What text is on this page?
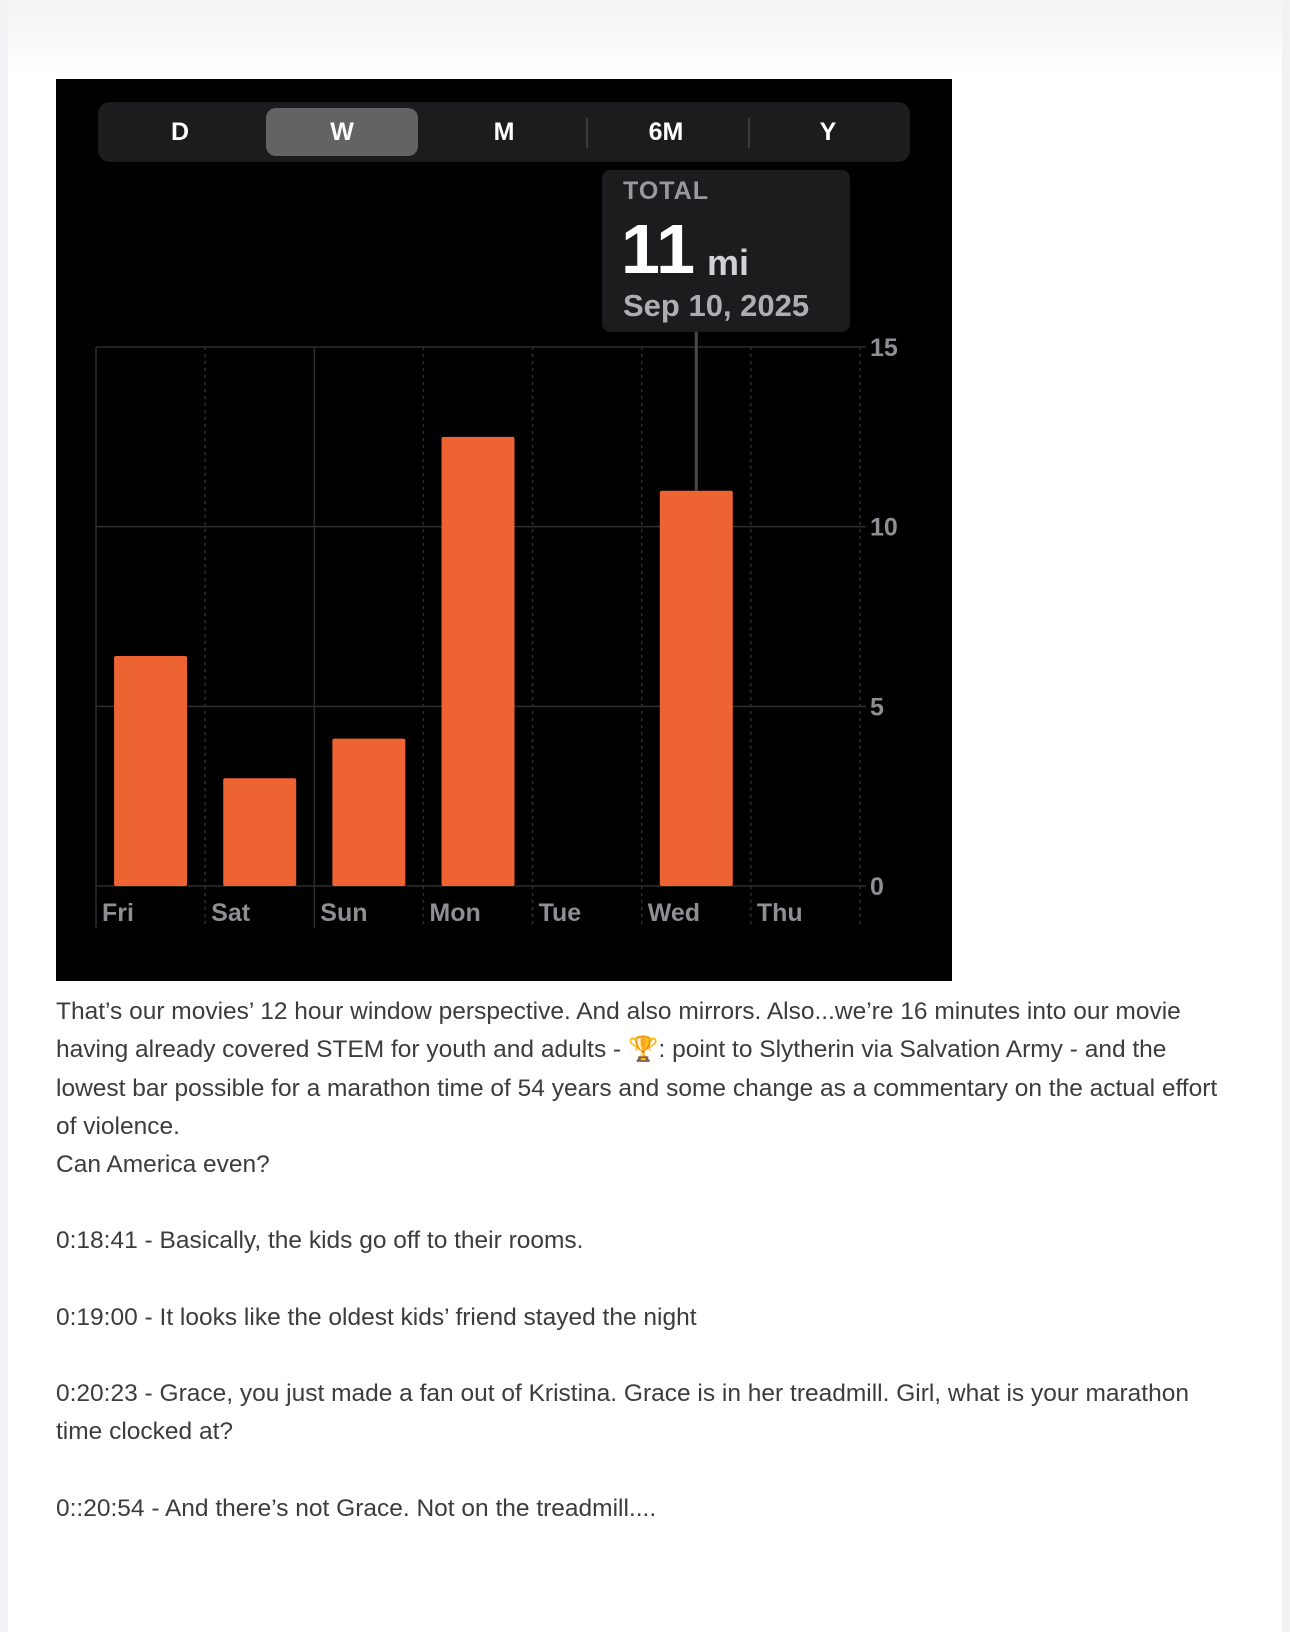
D	W	M	6M	Y
Fri	Sat	Sun Mon Tue	Wed Thu
0
5
10
15
TOTAL
11 mi
Sep 10, 2025

That’s our movies’ 12 hour window perspective. And also mirrors. Also...we’re 16 minutes into our movie having already covered STEM for youth and adults - 🏆: point to Slytherin via Salvation Army - and the lowest bar possible for a marathon time of 54 years and some change as a commentary on the actual effort of violence.

Can America even?

0:18:41 - Basically, the kids go off to their rooms.

0:19:00 - It looks like the oldest kids’ friend stayed the night

0:20:23 - Grace, you just made a fan out of Kristina. Grace is in her treadmill. Girl, what is your marathon time clocked at?

0::20:54 - And there’s not Grace. Not on the treadmill....
